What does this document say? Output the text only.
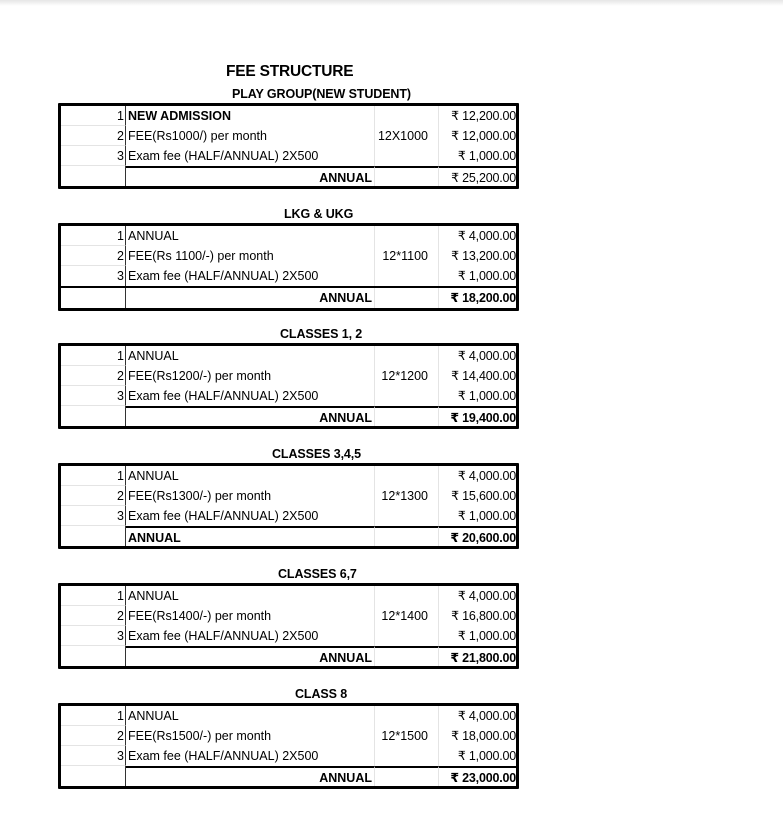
FEE STRUCTURE
PLAY GROUP(NEW STUDENT)
1 NEW ADMISSION	₹ 12,200.00
2 FEE(Rs1000/) per month	12X1000	₹ 12,000.00
3 Exam fee (HALF/ANNUAL) 2X500	₹ 1,000.00
ANNUAL	₹ 25,200.00
LKG & UKG
1 ANNUAL	₹ 4,000.00
2 FEE(Rs 1100/-) per month	12*1100	₹ 13,200.00
3 Exam fee (HALF/ANNUAL) 2X500	₹ 1,000.00
ANNUAL	₹ 18,200.00
CLASSES 1, 2
1 ANNUAL	₹ 4,000.00
2 FEE(Rs1200/-) per month	12*1200	₹ 14,400.00
3 Exam fee (HALF/ANNUAL) 2X500	₹ 1,000.00
ANNUAL	₹ 19,400.00
CLASSES 3,4,5
1 ANNUAL	₹ 4,000.00
2 FEE(Rs1300/-) per month	12*1300	₹ 15,600.00
3 Exam fee (HALF/ANNUAL) 2X500	₹ 1,000.00
ANNUAL	₹ 20,600.00
CLASSES 6,7
1 ANNUAL	₹ 4,000.00
2 FEE(Rs1400/-) per month	12*1400	₹ 16,800.00
3 Exam fee (HALF/ANNUAL) 2X500	₹ 1,000.00
ANNUAL	₹ 21,800.00
CLASS 8
1 ANNUAL	₹ 4,000.00
2 FEE(Rs1500/-) per month	12*1500	₹ 18,000.00
3 Exam fee (HALF/ANNUAL) 2X500	₹ 1,000.00
ANNUAL	₹ 23,000.00
